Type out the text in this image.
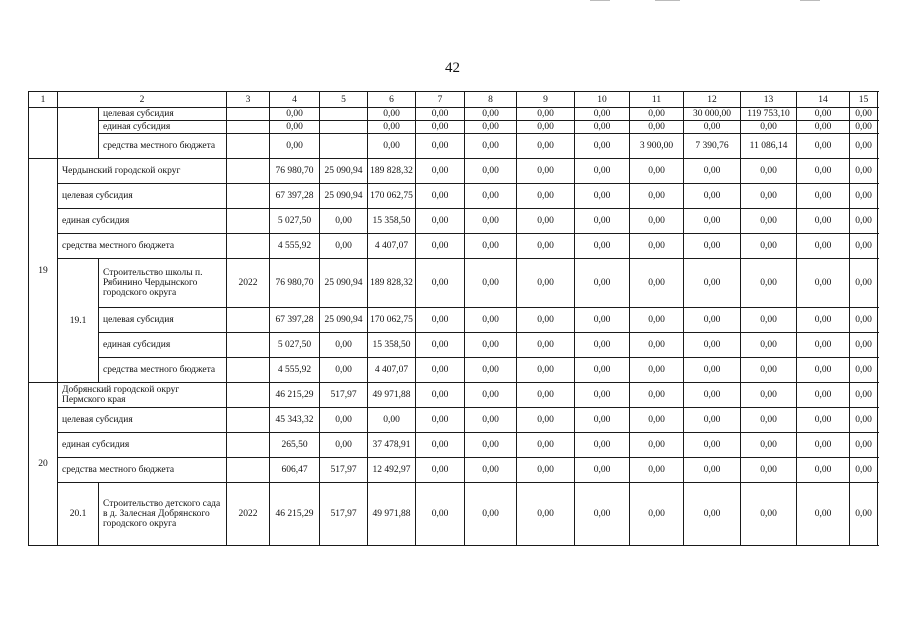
42
1	2		3	4	5	6	7	8	9	10	11	12	13	14	15
		целевая субсидия		0,00		0,00	0,00	0,00	0,00	0,00	0,00	30 000,00	119 753,10	0,00	0,00
		единая субсидия		0,00		0,00	0,00	0,00	0,00	0,00	0,00	0,00	0,00	0,00	0,00
		средства местного бюджета		0,00		0,00	0,00	0,00	0,00	0,00	3 900,00	7 390,76	11 086,14	0,00	0,00
19	Чердынский городской округ			76 980,70	25 090,94	189 828,32	0,00	0,00	0,00	0,00	0,00	0,00	0,00	0,00	0,00
	целевая субсидия			67 397,28	25 090,94	170 062,75	0,00	0,00	0,00	0,00	0,00	0,00	0,00	0,00	0,00
	единая субсидия			5 027,50	0,00	15 358,50	0,00	0,00	0,00	0,00	0,00	0,00	0,00	0,00	0,00
	средства местного бюджета			4 555,92	0,00	4 407,07	0,00	0,00	0,00	0,00	0,00	0,00	0,00	0,00	0,00
	19.1	Строительство школы п. Рябинино Чердынского городского округа	2022	76 980,70	25 090,94	189 828,32	0,00	0,00	0,00	0,00	0,00	0,00	0,00	0,00	0,00
		целевая субсидия		67 397,28	25 090,94	170 062,75	0,00	0,00	0,00	0,00	0,00	0,00	0,00	0,00	0,00
		единая субсидия		5 027,50	0,00	15 358,50	0,00	0,00	0,00	0,00	0,00	0,00	0,00	0,00	0,00
		средства местного бюджета		4 555,92	0,00	4 407,07	0,00	0,00	0,00	0,00	0,00	0,00	0,00	0,00	0,00
20	Добрянский городской округ Пермского края			46 215,29	517,97	49 971,88	0,00	0,00	0,00	0,00	0,00	0,00	0,00	0,00	0,00
	целевая субсидия			45 343,32	0,00	0,00	0,00	0,00	0,00	0,00	0,00	0,00	0,00	0,00	0,00
	единая субсидия			265,50	0,00	37 478,91	0,00	0,00	0,00	0,00	0,00	0,00	0,00	0,00	0,00
	средства местного бюджета			606,47	517,97	12 492,97	0,00	0,00	0,00	0,00	0,00	0,00	0,00	0,00	0,00
	20.1	Строительство детского сада в д. Залесная Добрянского городского округа	2022	46 215,29	517,97	49 971,88	0,00	0,00	0,00	0,00	0,00	0,00	0,00	0,00	0,00
